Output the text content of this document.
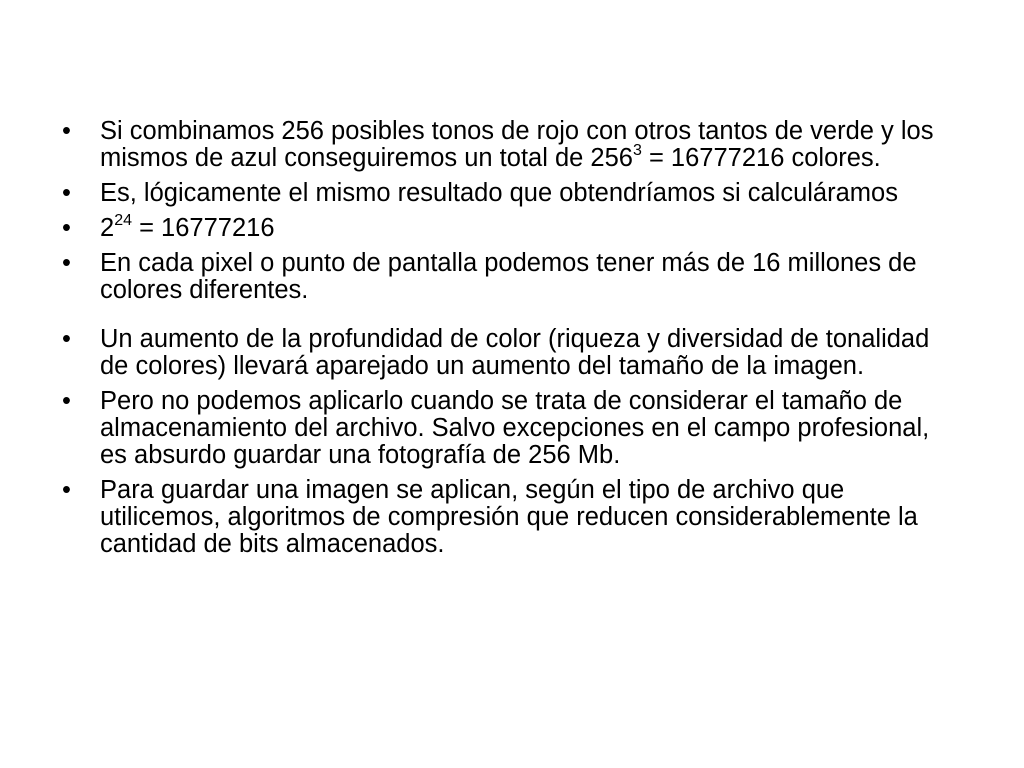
• Si combinamos 256 posibles tonos de rojo con otros tantos de verde y los mismos de azul conseguiremos un total de $256^3 = 16777216$ colores.
• Es, lógicamente el mismo resultado que obtendríamos si calculáramos
• $2^{24} = 16777216$
• En cada pixel o punto de pantalla podemos tener más de 16 millones de colores diferentes.
• Un aumento de la profundidad de color (riqueza y diversidad de tonalidad de colores) llevará aparejado un aumento del tamaño de la imagen.
• Pero no podemos aplicarlo cuando se trata de considerar el tamaño de almacenamiento del archivo. Salvo excepciones en el campo profesional, es absurdo guardar una fotografía de 256 Mb.
• Para guardar una imagen se aplican, según el tipo de archivo que utilicemos, algoritmos de compresión que reducen considerablemente la cantidad de bits almacenados.
